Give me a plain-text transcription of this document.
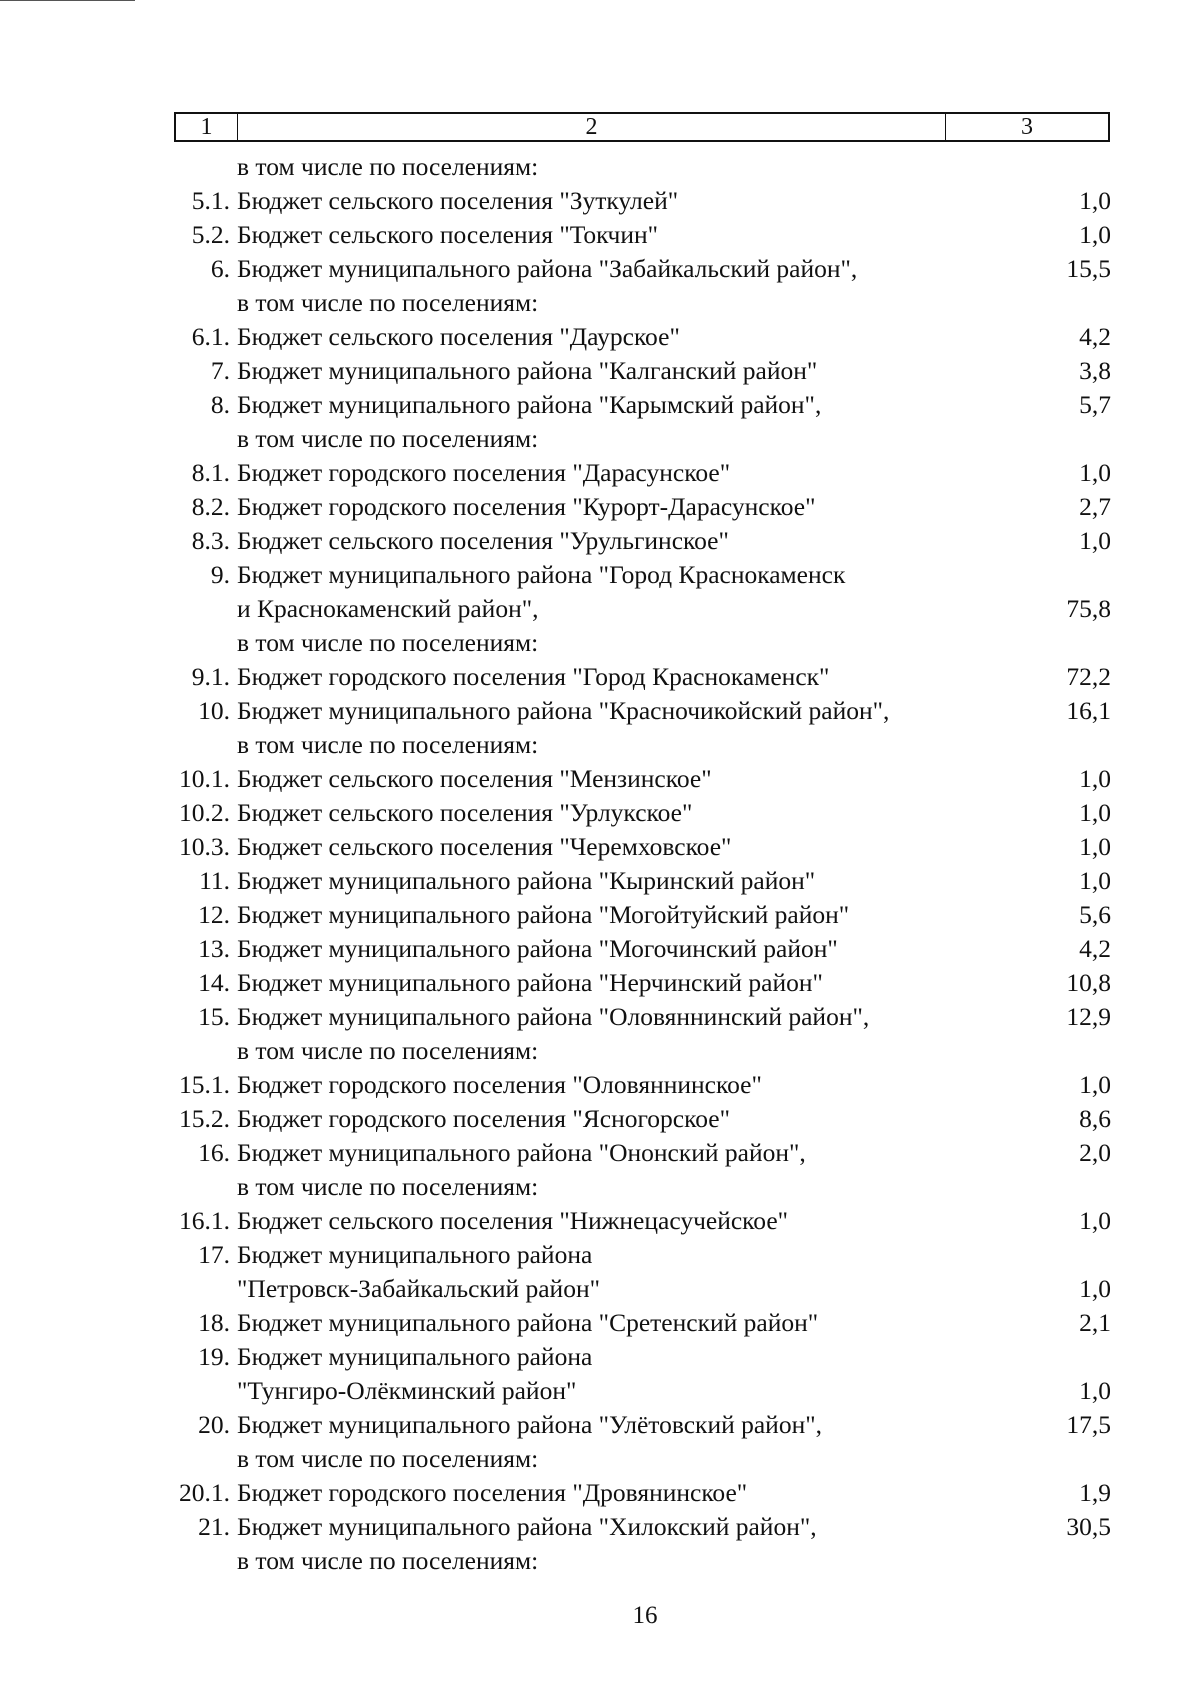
1	2	3
в том числе по поселениям:
5.1. Бюджет сельского поселения "Зуткулей"	1,0
5.2. Бюджет сельского поселения "Токчин"	1,0
6. Бюджет муниципального района "Забайкальский район",	15,5
в том числе по поселениям:
6.1. Бюджет сельского поселения "Даурское"	4,2
7. Бюджет муниципального района "Калганский район"	3,8
8. Бюджет муниципального района "Карымский район",	5,7
в том числе по поселениям:
8.1. Бюджет городского поселения "Дарасунское"	1,0
8.2. Бюджет городского поселения "Курорт-Дарасунское"	2,7
8.3. Бюджет сельского поселения "Урульгинское"	1,0
9. Бюджет муниципального района "Город Краснокаменск
и Краснокаменский район",	75,8
в том числе по поселениям:
9.1. Бюджет городского поселения "Город Краснокаменск"	72,2
10. Бюджет муниципального района "Красночикойский район",	16,1
в том числе по поселениям:
10.1. Бюджет сельского поселения "Мензинское"	1,0
10.2. Бюджет сельского поселения "Урлукское"	1,0
10.3. Бюджет сельского поселения "Черемховское"	1,0
11. Бюджет муниципального района "Кыринский район"	1,0
12. Бюджет муниципального района "Могойтуйский район"	5,6
13. Бюджет муниципального района "Могочинский район"	4,2
14. Бюджет муниципального района "Нерчинский район"	10,8
15. Бюджет муниципального района "Оловяннинский район",	12,9
в том числе по поселениям:
15.1. Бюджет городского поселения "Оловяннинское"	1,0
15.2. Бюджет городского поселения "Ясногорское"	8,6
16. Бюджет муниципального района "Ононский район",	2,0
в том числе по поселениям:
16.1. Бюджет сельского поселения "Нижнецасучейское"	1,0
17. Бюджет муниципального района
"Петровск-Забайкальский район"	1,0
18. Бюджет муниципального района "Сретенский район"	2,1
19. Бюджет муниципального района
"Тунгиро-Олёкминский район"	1,0
20. Бюджет муниципального района "Улётовский район",	17,5
в том числе по поселениям:
20.1. Бюджет городского поселения "Дровянинское"	1,9
21. Бюджет муниципального района "Хилокский район",	30,5
в том числе по поселениям:
16
